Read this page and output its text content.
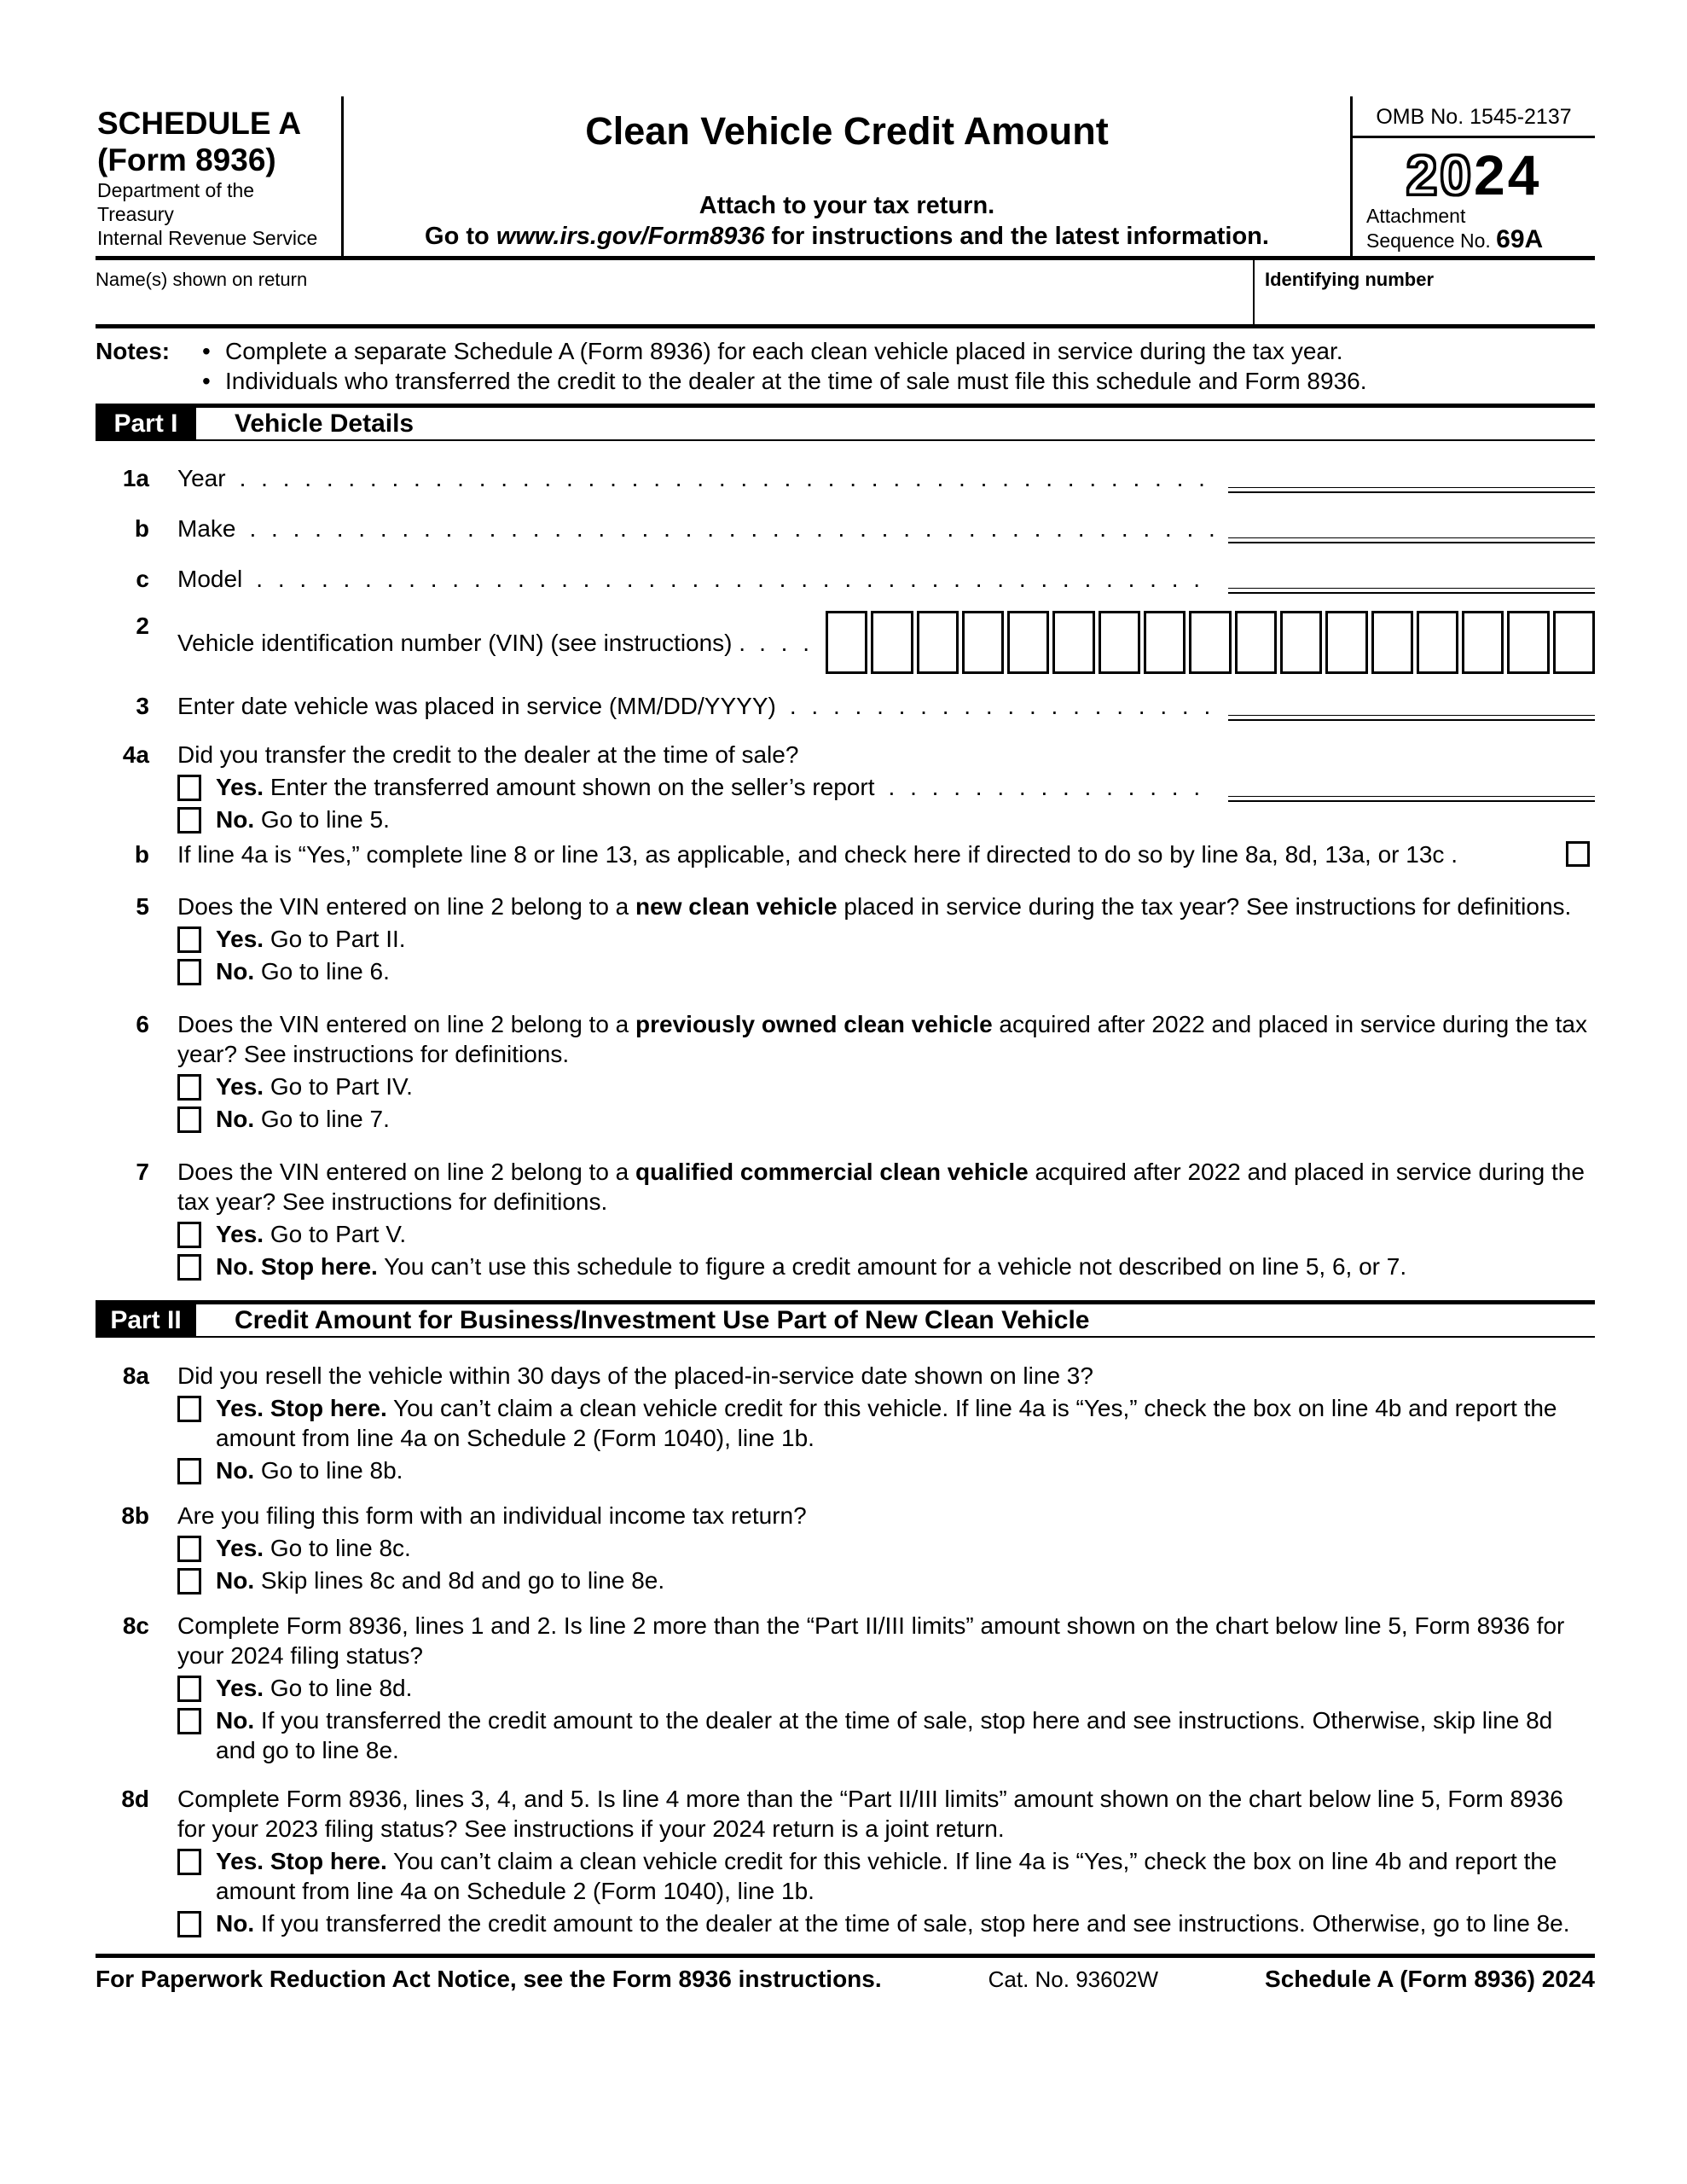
SCHEDULE A
(Form 8936)
Department of the Treasury
Internal Revenue Service
Clean Vehicle Credit Amount
Attach to your tax return.
Go to www.irs.gov/Form8936 for instructions and the latest information.
OMB No. 1545-2137
2024
Attachment
Sequence No. 69A
Name(s) shown on return	Identifying number
Notes:	• Complete a separate Schedule A (Form 8936) for each clean vehicle placed in service during the tax year.
• Individuals who transferred the credit to the dealer at the time of sale must file this schedule and Form 8936.
Part I	Vehicle Details
1a Year
. . .
b Make
. . .
c Model
. . .
2
Vehicle identification number (VIN) (see instructions) .
. . .
3 Enter date vehicle was placed in service (MM/DD/YYYY)
. . .
4a Did you transfer the credit to the dealer at the time of sale?
Yes. Enter the transferred amount shown on the seller’s report
. . .
No. Go to line 5.
b If line 4a is “Yes,” complete line 8 or line 13, as applicable, and check here if directed to do so by line 8a, 8d, 13a, or 13c .
5 Does the VIN entered on line 2 belong to a new clean vehicle placed in service during the tax year? See instructions for definitions.
Yes. Go to Part II.
No. Go to line 6.
6 Does the VIN entered on line 2 belong to a previously owned clean vehicle acquired after 2022 and placed in service during the tax year? See instructions for definitions.
Yes. Go to Part IV.
No. Go to line 7.
7 Does the VIN entered on line 2 belong to a qualified commercial clean vehicle acquired after 2022 and placed in service during the tax year? See instructions for definitions.
Yes. Go to Part V.
No. Stop here. You can’t use this schedule to figure a credit amount for a vehicle not described on line 5, 6, or 7.
Part II	Credit Amount for Business/Investment Use Part of New Clean Vehicle
8a Did you resell the vehicle within 30 days of the placed-in-service date shown on line 3?
Yes. Stop here. You can’t claim a clean vehicle credit for this vehicle. If line 4a is “Yes,” check the box on line 4b and report the amount from line 4a on Schedule 2 (Form 1040), line 1b.
No. Go to line 8b.
8b Are you filing this form with an individual income tax return?
Yes. Go to line 8c.
No. Skip lines 8c and 8d and go to line 8e.
8c Complete Form 8936, lines 1 and 2. Is line 2 more than the “Part II/III limits” amount shown on the chart below line 5, Form 8936 for your 2024 filing status?
Yes. Go to line 8d.
No. If you transferred the credit amount to the dealer at the time of sale, stop here and see instructions. Otherwise, skip line 8d and go to line 8e.
8d Complete Form 8936, lines 3, 4, and 5. Is line 4 more than the “Part II/III limits” amount shown on the chart below line 5, Form 8936 for your 2023 filing status? See instructions if your 2024 return is a joint return.
Yes. Stop here. You can’t claim a clean vehicle credit for this vehicle. If line 4a is “Yes,” check the box on line 4b and report the amount from line 4a on Schedule 2 (Form 1040), line 1b.
No. If you transferred the credit amount to the dealer at the time of sale, stop here and see instructions. Otherwise, go to line 8e.
For Paperwork Reduction Act Notice, see the Form 8936 instructions.	Cat. No. 93602W	Schedule A (Form 8936) 2024
